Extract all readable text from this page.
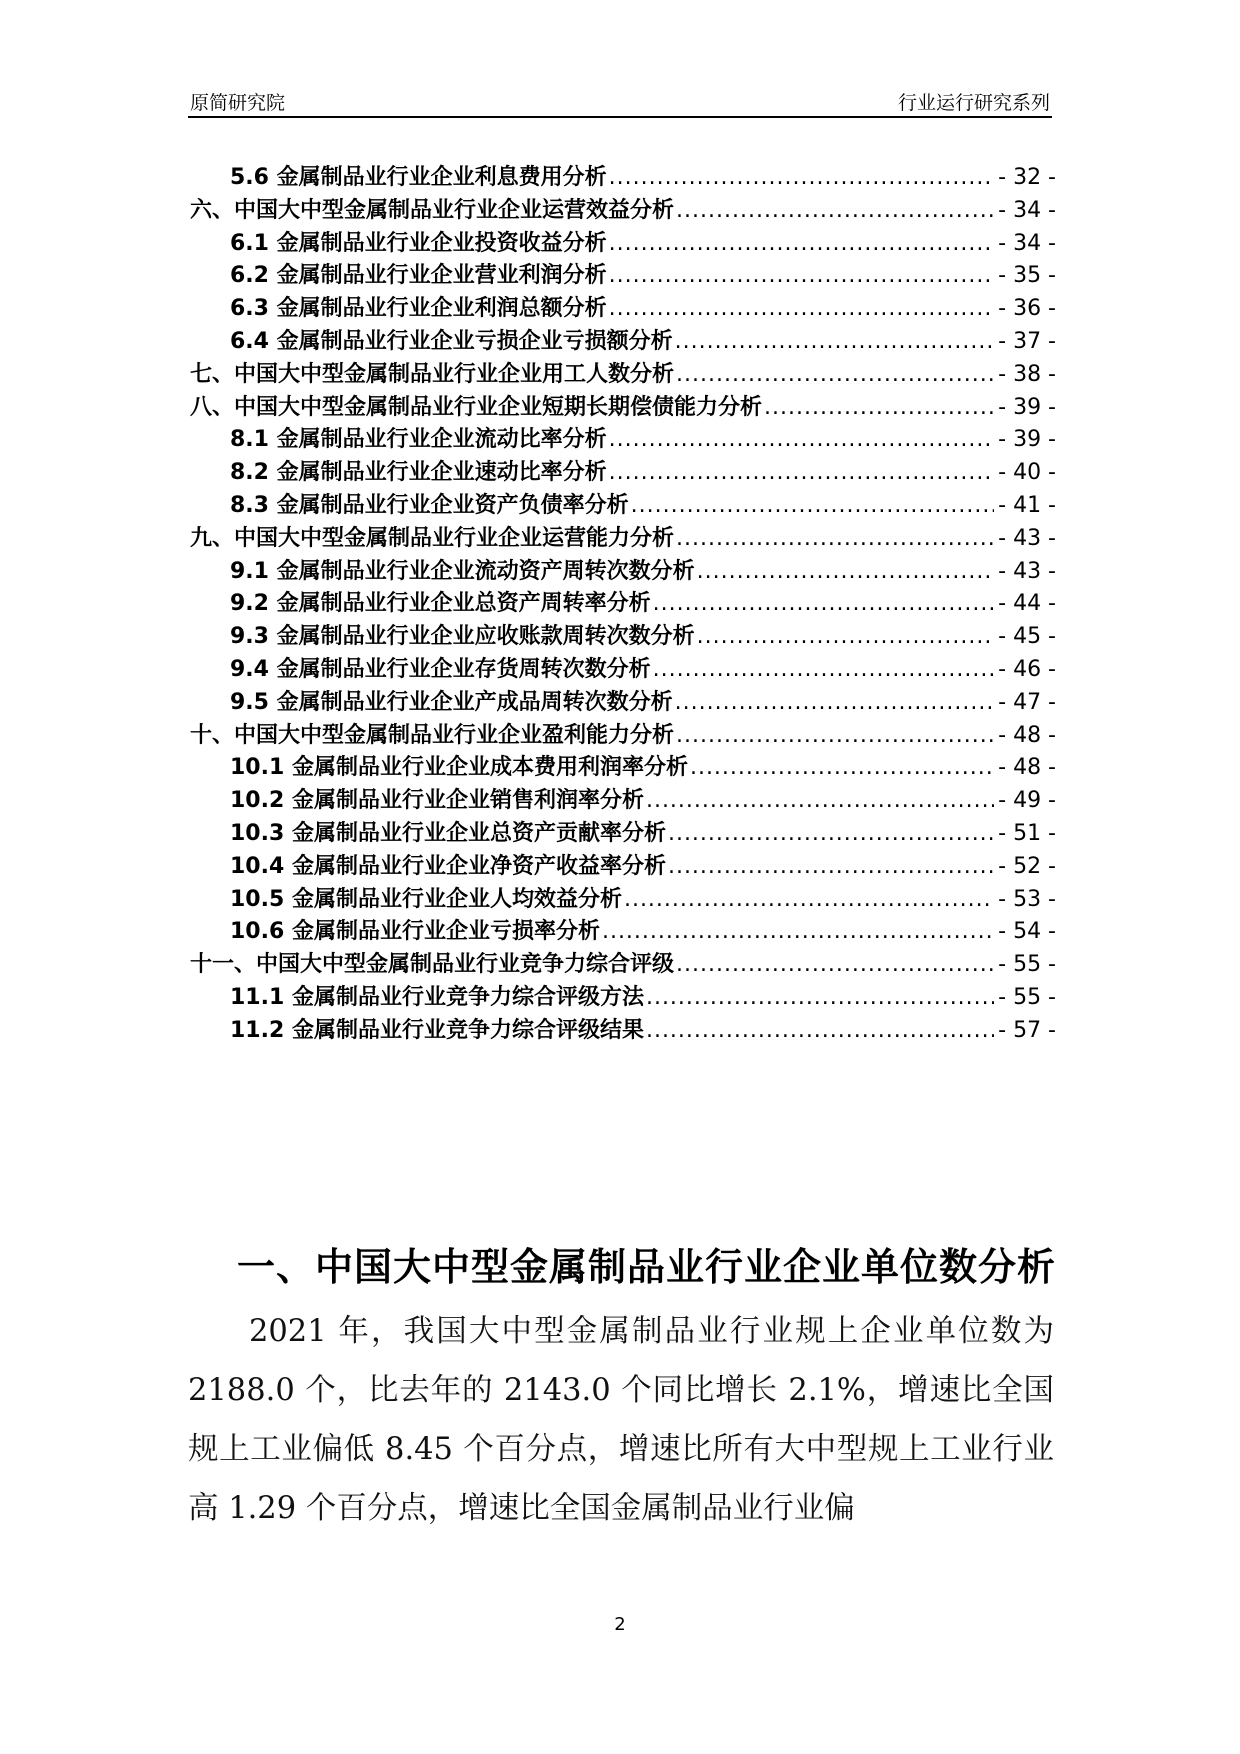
原简研究院	行业运行研究系列
5.6 金属制品业行业企业利息费用分析 .....	- 32 -
六、中国大中型金属制品业行业企业运营效益分析 .....	- 34 -
6.1 金属制品业行业企业投资收益分析 .....	- 34 -
6.2 金属制品业行业企业营业利润分析 .....	- 35 -
6.3 金属制品业行业企业利润总额分析 .....	- 36 -
6.4 金属制品业行业企业亏损企业亏损额分析 .....	- 37 -
七、中国大中型金属制品业行业企业用工人数分析 .....	- 38 -
八、中国大中型金属制品业行业企业短期长期偿债能力分析 .....	- 39 -
8.1 金属制品业行业企业流动比率分析 .....	- 39 -
8.2 金属制品业行业企业速动比率分析 .....	- 40 -
8.3 金属制品业行业企业资产负债率分析 .....	- 41 -
九、中国大中型金属制品业行业企业运营能力分析 .....	- 43 -
9.1 金属制品业行业企业流动资产周转次数分析 .....	- 43 -
9.2 金属制品业行业企业总资产周转率分析 .....	- 44 -
9.3 金属制品业行业企业应收账款周转次数分析 .....	- 45 -
9.4 金属制品业行业企业存货周转次数分析 .....	- 46 -
9.5 金属制品业行业企业产成品周转次数分析 .....	- 47 -
十、中国大中型金属制品业行业企业盈利能力分析 .....	- 48 -
10.1 金属制品业行业企业成本费用利润率分析 .....	- 48 -
10.2 金属制品业行业企业销售利润率分析 .....	- 49 -
10.3 金属制品业行业企业总资产贡献率分析 .....	- 51 -
10.4 金属制品业行业企业净资产收益率分析 .....	- 52 -
10.5 金属制品业行业企业人均效益分析 .....	- 53 -
10.6 金属制品业行业企业亏损率分析 .....	- 54 -
十一、中国大中型金属制品业行业竞争力综合评级 .....	- 55 -
11.1 金属制品业行业竞争力综合评级方法 .....	- 55 -
11.2 金属制品业行业竞争力综合评级结果 .....	- 57 -
一、中国大中型金属制品业行业企业单位数分析

2021 年，我国大中型金属制品业行业规上企业单位数为 2188.0 个，比去年的 2143.0 个同比增长 2.1%，增速比全国规上工业偏低 8.45 个百分点，增速比所有大中型规上工业行业高 1.29 个百分点，增速比全国金属制品业行业偏

2
